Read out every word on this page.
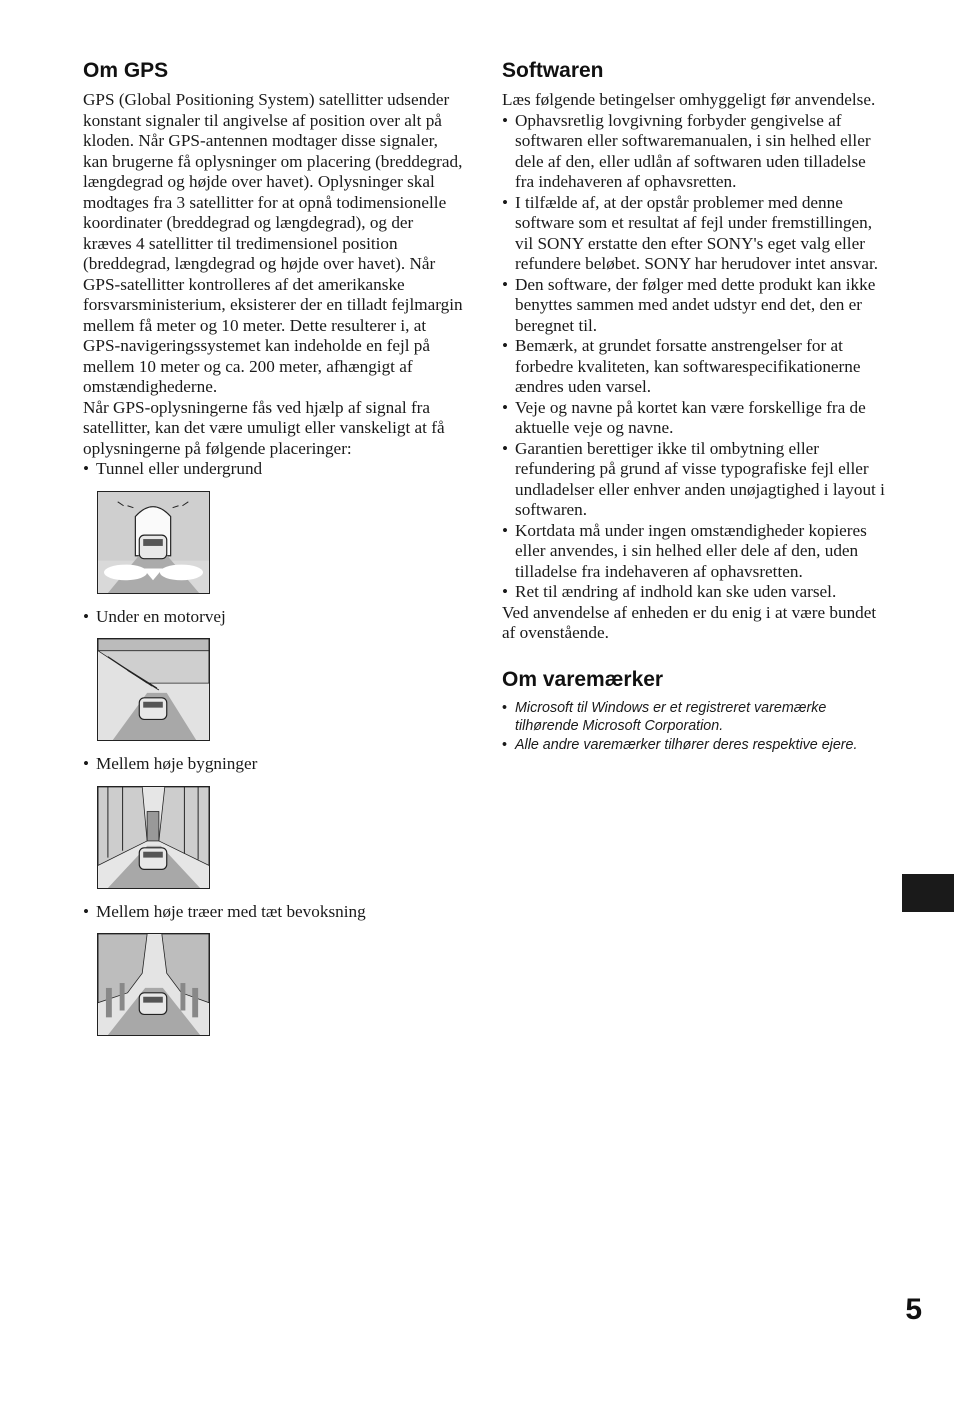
Om GPS

GPS (Global Positioning System) satellitter udsender konstant signaler til angivelse af position over alt på kloden. Når GPS-antennen modtager disse signaler, kan brugerne få oplysninger om placering (breddegrad, længdegrad og højde over havet). Oplysninger skal modtages fra 3 satellitter for at opnå todimensionelle koordinater (breddegrad og længdegrad), og der kræves 4 satellitter til tredimensionel position (breddegrad, længdegrad og højde over havet). Når GPS-satellitter kontrolleres af det amerikanske forsvarsministerium, eksisterer der en tilladt fejlmargin mellem få meter og 10 meter. Dette resulterer i, at GPS-navigeringssystemet kan indeholde en fejl på mellem 10 meter og ca. 200 meter, afhængigt af omstændighederne.

Når GPS-oplysningerne fås ved hjælp af signal fra satellitter, kan det være umuligt eller vanskeligt at få oplysningerne på følgende placeringer:

• Tunnel eller undergrund

• Under en motorvej

• Mellem høje bygninger

• Mellem høje træer med tæt bevoksning

Softwaren

Læs følgende betingelser omhyggeligt før anvendelse.

• Ophavsretlig lovgivning forbyder gengivelse af softwaren eller softwaremanualen, i sin helhed eller dele af den, eller udlån af softwaren uden tilladelse fra indehaveren af ophavsretten.
• I tilfælde af, at der opstår problemer med denne software som et resultat af fejl under fremstillingen, vil SONY erstatte den efter SONY's eget valg eller refundere beløbet. SONY har herudover intet ansvar.
• Den software, der følger med dette produkt kan ikke benyttes sammen med andet udstyr end det, den er beregnet til.
• Bemærk, at grundet forsatte anstrengelser for at forbedre kvaliteten, kan softwarespecifikationerne ændres uden varsel.
• Veje og navne på kortet kan være forskellige fra de aktuelle veje og navne.
• Garantien berettiger ikke til ombytning eller refundering på grund af visse typografiske fejl eller undladelser eller enhver anden unøjagtighed i layout i softwaren.
• Kortdata må under ingen omstændigheder kopieres eller anvendes, i sin helhed eller dele af den, uden tilladelse fra indehaveren af ophavsretten.
• Ret til ændring af indhold kan ske uden varsel.

Ved anvendelse af enheden er du enig i at være bundet af ovenstående.

Om varemærker
• Microsoft til Windows er et registreret varemærke tilhørende Microsoft Corporation.
• Alle andre varemærker tilhører deres respektive ejere.
5
